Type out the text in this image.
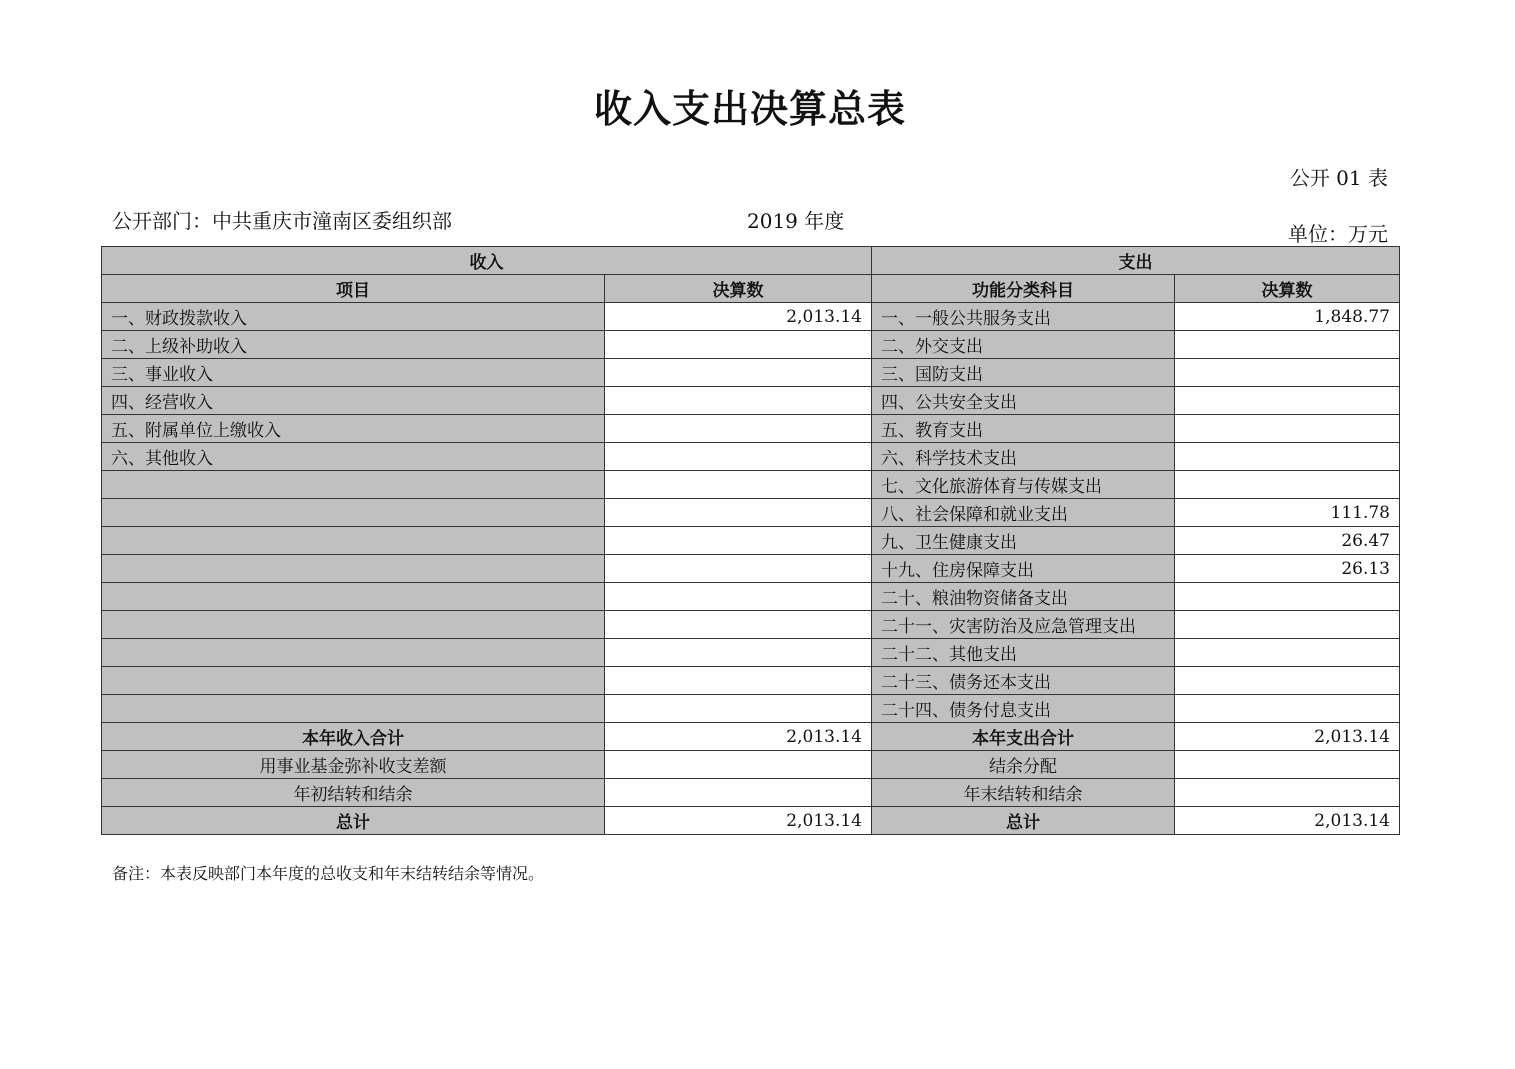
收入支出决算总表
公开 01 表
公开部门：中共重庆市潼南区委组织部	2019 年度
单位：万元
收入		支出	
项目	决算数	功能分类科目	决算数
一、财政拨款收入	2,013.14	一、一般公共服务支出	1,848.77
二、上级补助收入		二、外交支出	
三、事业收入		三、国防支出	
四、经营收入		四、公共安全支出	
五、附属单位上缴收入		五、教育支出	
六、其他收入		六、科学技术支出	
		七、文化旅游体育与传媒支出	
		八、社会保障和就业支出	111.78
		九、卫生健康支出	26.47
		十九、住房保障支出	26.13
		二十、粮油物资储备支出	
		二十一、灾害防治及应急管理支出	
		二十二、其他支出	
		二十三、债务还本支出	
		二十四、债务付息支出	
本年收入合计	2,013.14	本年支出合计	2,013.14
用事业基金弥补收支差额		结余分配	
年初结转和结余		年末结转和结余	
总计	2,013.14	总计	2,013.14
备注：本表反映部门本年度的总收支和年末结转结余等情况。
